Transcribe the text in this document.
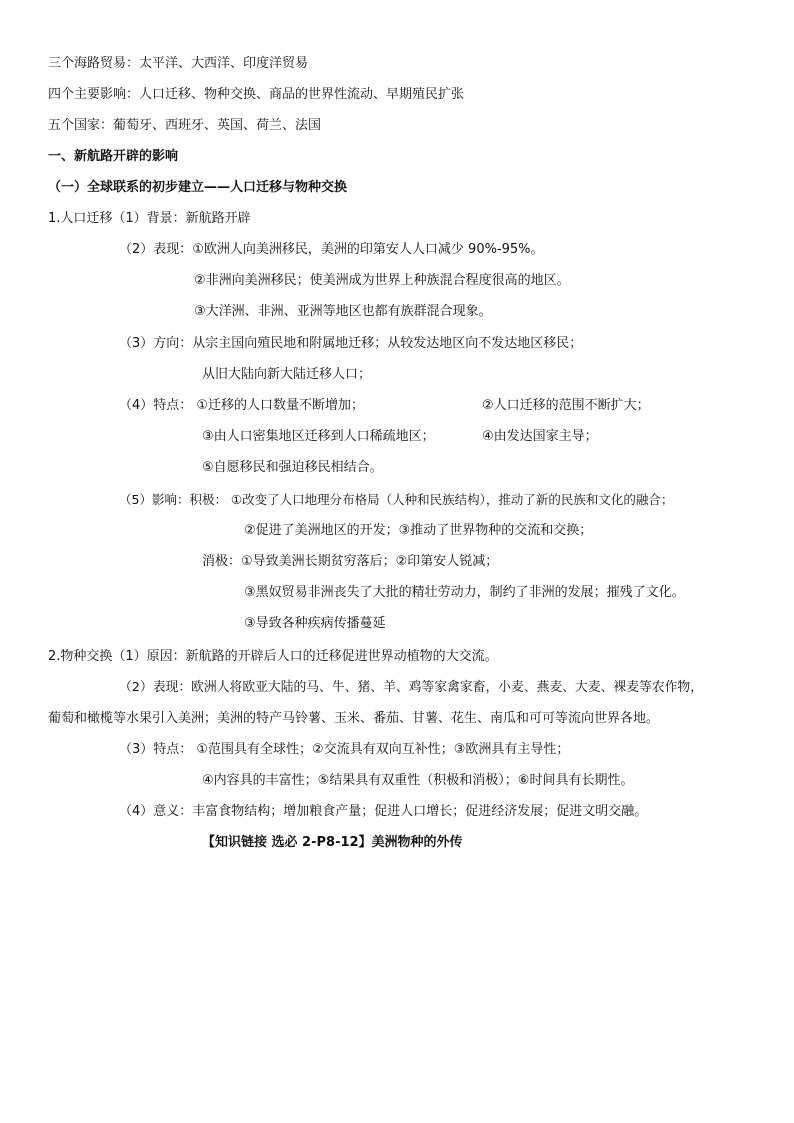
三个海路贸易：太平洋、大西洋、印度洋贸易
四个主要影响：人口迁移、物种交换、商品的世界性流动、早期殖民扩张
五个国家：葡萄牙、西班牙、英国、荷兰、法国
一、新航路开辟的影响
（一）全球联系的初步建立——人口迁移与物种交换
1.人口迁移（1）背景：新航路开辟
（2）表现：①欧洲人向美洲移民，美洲的印第安人人口减少 90%-95%。
②非洲向美洲移民；使美洲成为世界上种族混合程度很高的地区。
③大洋洲、非洲、亚洲等地区也都有族群混合现象。
（3）方向：从宗主国向殖民地和附属地迁移；从较发达地区向不发达地区移民；
从旧大陆向新大陆迁移人口；
（4）特点： ①迁移的人口数量不断增加；	②人口迁移的范围不断扩大；
③由人口密集地区迁移到人口稀疏地区；	④由发达国家主导；
⑤自愿移民和强迫移民相结合。
（5）影响：积极： ①改变了人口地理分布格局（人种和民族结构），推动了新的民族和文化的融合；
②促进了美洲地区的开发；③推动了世界物种的交流和交换；
消极：①导致美洲长期贫穷落后；②印第安人锐减；
③黑奴贸易非洲丧失了大批的精壮劳动力，制约了非洲的发展；摧残了文化。
③导致各种疾病传播蔓延
2.物种交换（1）原因：新航路的开辟后人口的迁移促进世界动植物的大交流。
（2）表现：欧洲人将欧亚大陆的马、牛、猪、羊、鸡等家禽家畜，小麦、燕麦、大麦、裸麦等农作物，
葡萄和橄榄等水果引入美洲；美洲的特产马铃薯、玉米、番茄、甘薯、花生、南瓜和可可等流向世界各地。
（3）特点： ①范围具有全球性；②交流具有双向互补性；③欧洲具有主导性；
④内容具的丰富性；⑤结果具有双重性（积极和消极）；⑥时间具有长期性。
（4）意义：丰富食物结构；增加粮食产量；促进人口增长；促进经济发展；促进文明交融。
【知识链接 选必 2-P8-12】美洲物种的外传
